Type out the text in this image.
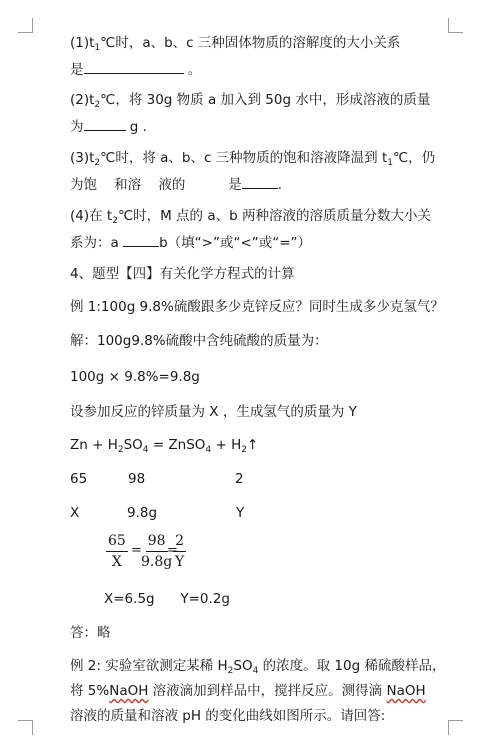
$(1)t_1℃$时，a、b、c 三种固体物质的溶解度的大小关系
是	。
$(2)t_2℃$，将 30g 物质 a 加入到 50g 水中，形成溶液的质量
为	g .
$(3)t_2℃$时，将 a、b、c 三种物质的饱和溶液降温到 $t_1℃$，仍
为饱    和溶    液的          是	.
(4)在 $t_2℃$时，M 点的 a、b 两种溶液的溶质质量分数大小关
系为：a	b（填“>”或“<”或“=”）
4、题型【四】有关化学方程式的计算
例 1:100g 9.8%硫酸跟多少克锌反应？同时生成多少克氢气？
解：100g9.8%硫酸中含纯硫酸的质量为：
100g × 9.8%=9.8g
设参加反应的锌质量为 X ，生成氢气的质量为 Y
$Zn + H_2SO_4$ = ZnSO$_4$ + $H_2↑$
65	98	2
X	9.8g	Y
$\frac{65}{X}$ =
$\frac{98}{9.8g}$
=
$\frac{2}{Y}$
X=6.5g      Y=0.2g
答：略
例 2: 实验室欲测定某稀 $H_2SO_4$ 的浓度。取 10g 稀硫酸样品，
将 5%NaOH 溶液滴加到样品中，搅拌反应。测得滴 NaOH
溶液的质量和溶液 pH 的变化曲线如图所示。请回答:
